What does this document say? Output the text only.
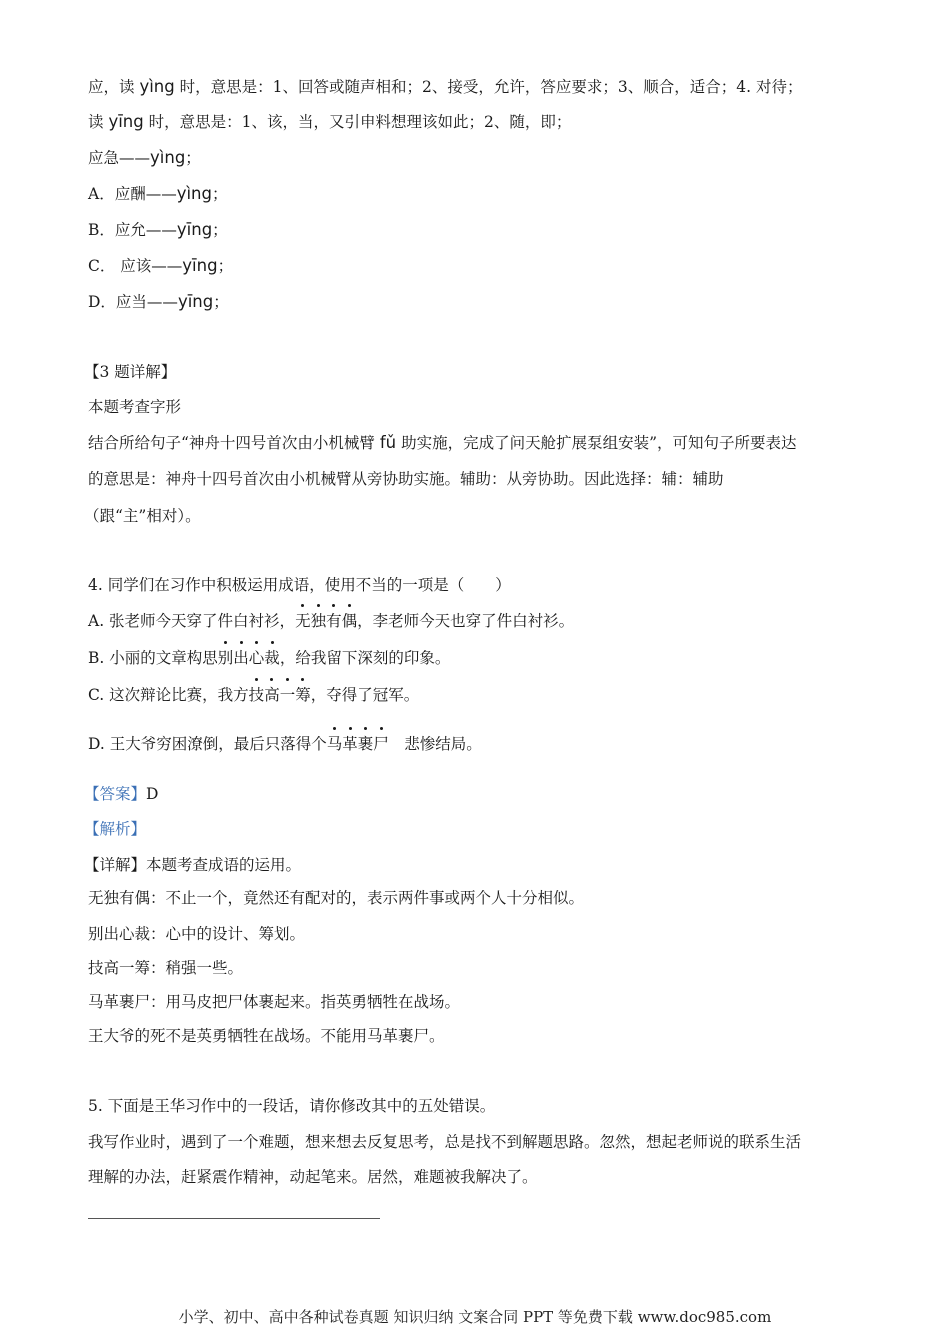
应，读 yìng 时，意思是：1、回答或随声相和；2、接受，允许，答应要求；3、顺合，适合；4. 对待；
读 yīng 时，意思是：1、该，当，又引申料想理该如此；2、随，即；
应急——yìng；
A．应酬——yìng；
B．应允——yīng；
C． 应该——yīng；
D．应当——yīng；
【3 题详解】
本题考查字形
结合所给句子“神舟十四号首次由小机械臂 fǔ 助实施，完成了问天舱扩展泵组安装”，可知句子所要表达
的意思是：神舟十四号首次由小机械臂从旁协助实施。辅助：从旁协助。因此选择：辅：辅助
（跟“主”相对）。
4. 同学们在习作中积极运用成语，使用不当的一项是（　　）
A. 张老师今天穿了件白衬衫，无独有偶，李老师今天也穿了件白衬衫。
B. 小丽的文章构思别出心裁，给我留下深刻的印象。
C. 这次辩论比赛，我方技高一筹，夺得了冠军。
D. 王大爷穷困潦倒，最后只落得个马革裹尸　悲惨结局。
【答案】D
【解析】
【详解】本题考查成语的运用。
无独有偶：不止一个，竟然还有配对的，表示两件事或两个人十分相似。
别出心裁：心中的设计、筹划。
技高一筹：稍强一些。
马革裹尸：用马皮把尸体裹起来。指英勇牺牲在战场。
王大爷的死不是英勇牺牲在战场。不能用马革裹尸。
5. 下面是王华习作中的一段话，请你修改其中的五处错误。
我写作业时，遇到了一个难题，想来想去反复思考，总是找不到解题思路。忽然，想起老师说的联系生活
理解的办法，赶紧震作精神，动起笔来。居然，难题被我解决了。
小学、初中、高中各种试卷真题 知识归纳 文案合同 PPT 等免费下载 www.doc985.com
